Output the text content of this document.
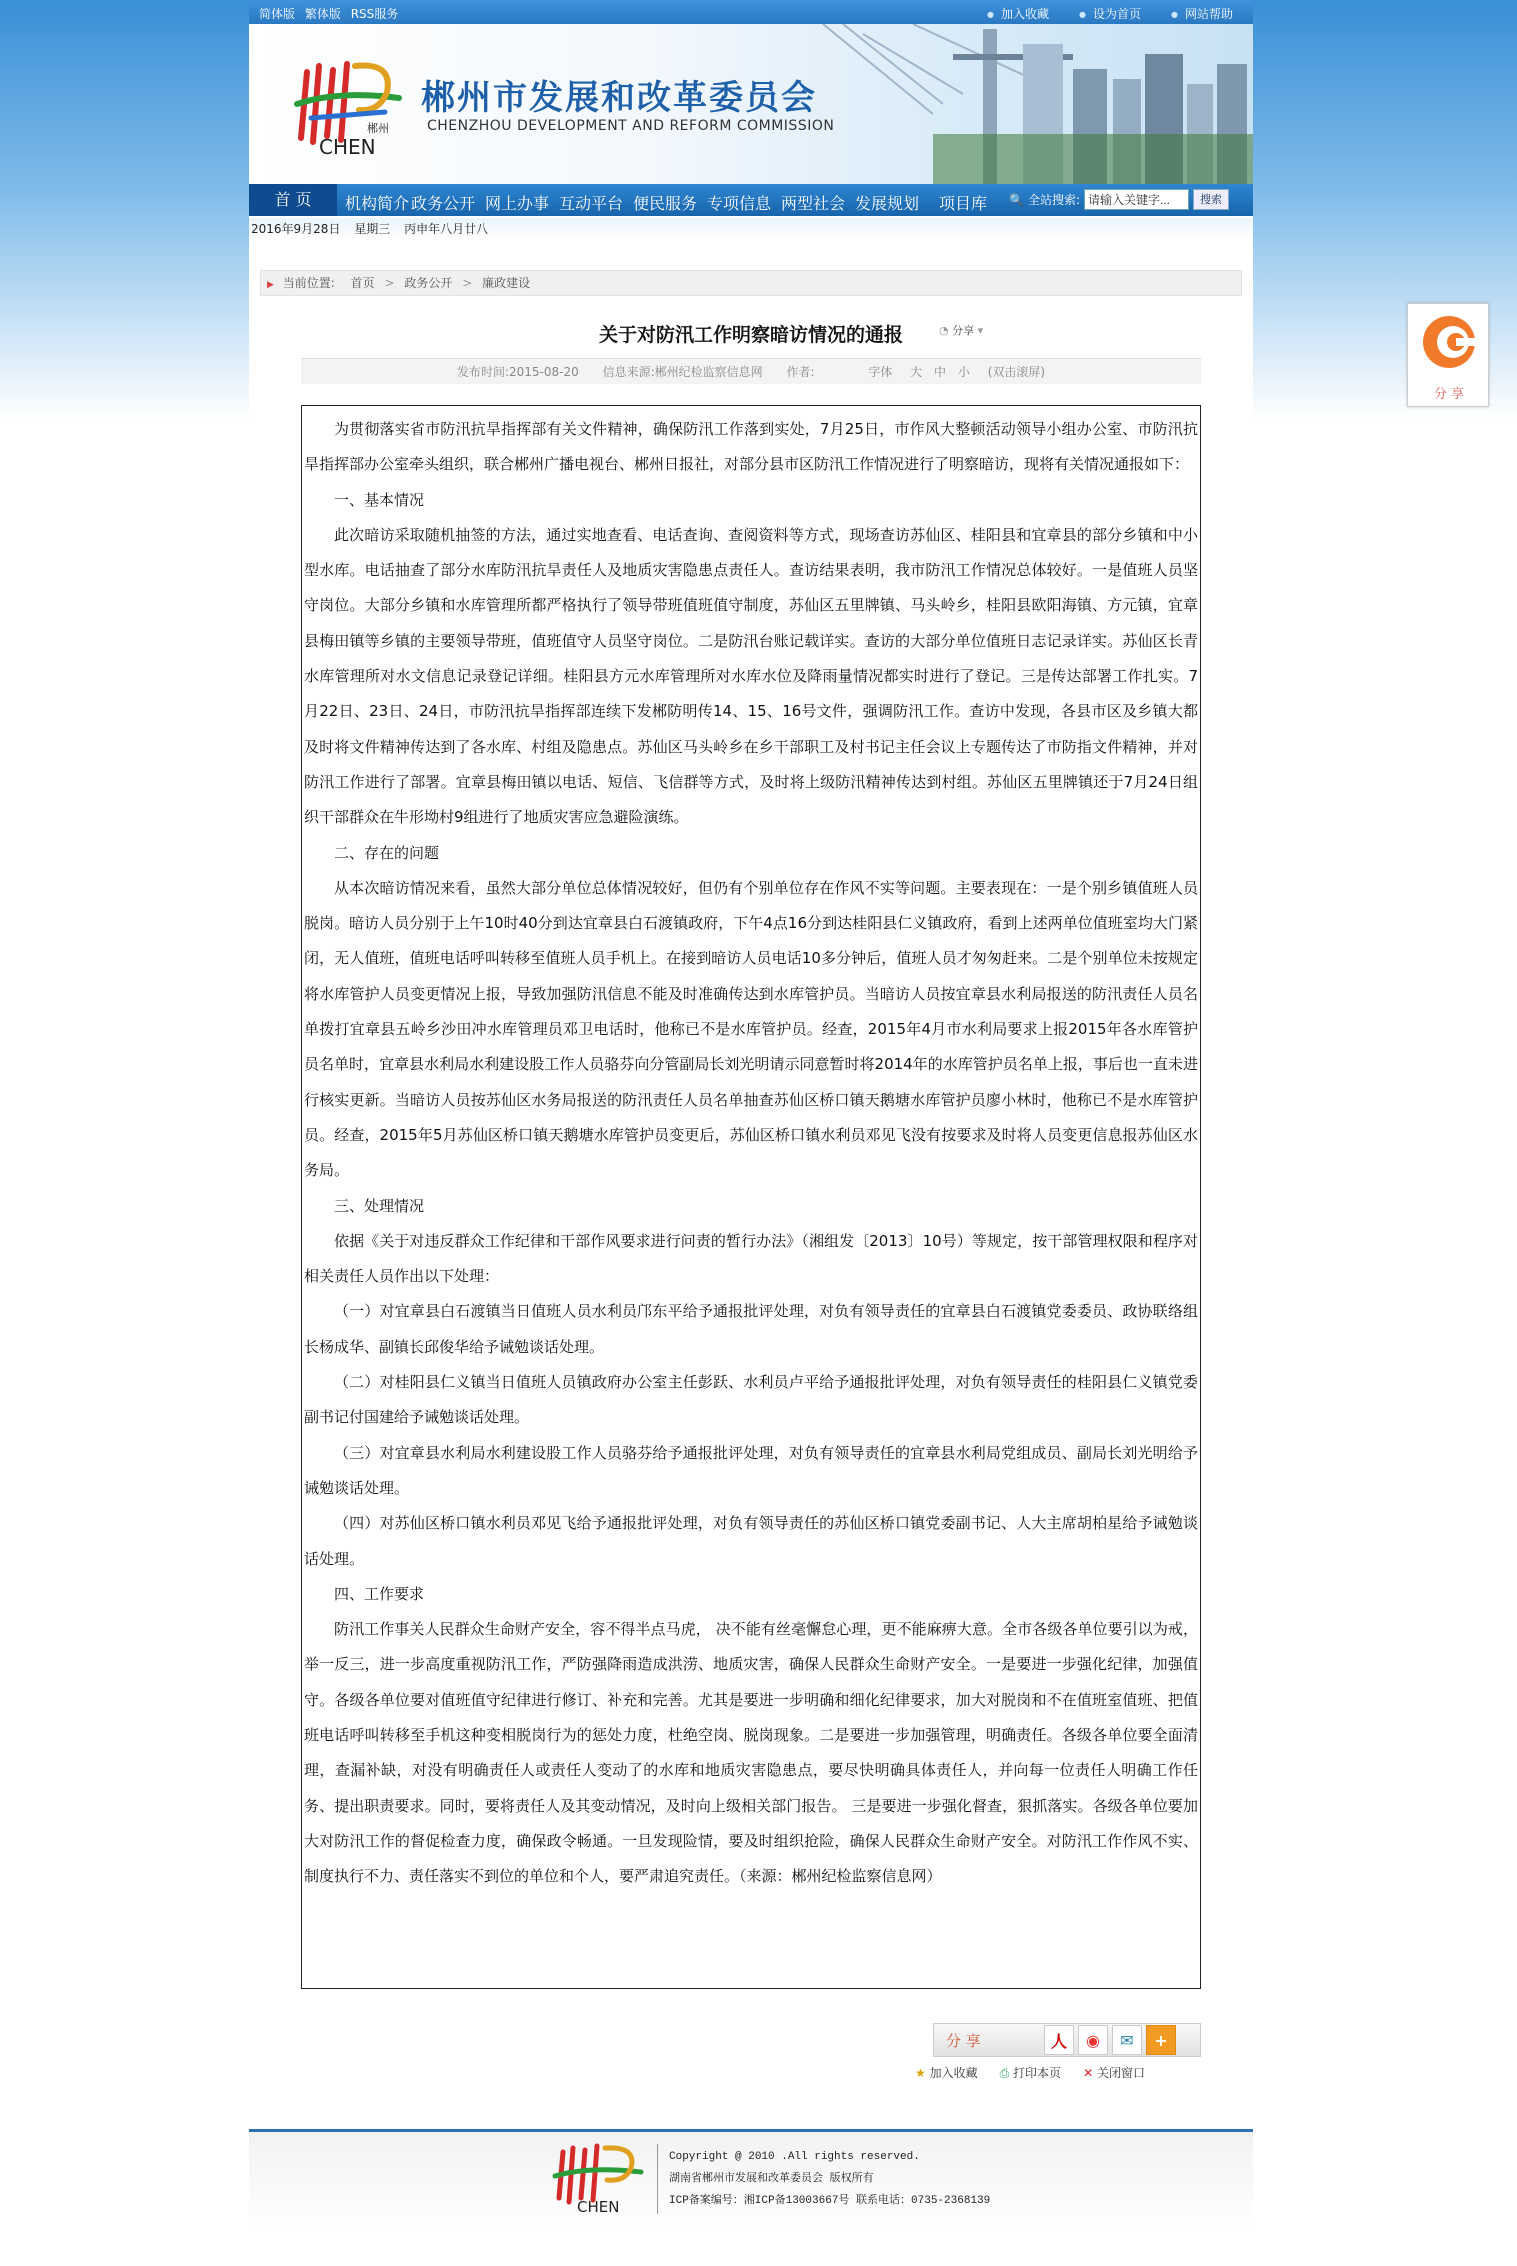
简体版 繁体版 RSS服务	● 加入收藏	● 设为首页	● 网站帮助
郴州
CHEN
郴州市发展和改革委员会
CHENZHOU DEVELOPMENT AND REFORM COMMISSION
首 页	机构简介 政务公开 网上办事 互动平台 便民服务 专项信息 两型社会 发展规划 项目库 🔍 全站搜索:
请输入关键字...	搜索
2016年9月28日 星期三 丙申年八月廿八
▶ 当前位置: 首页 > 政务公开 > 廉政建设
关于对防汛工作明察暗访情况的通报	◔ 分享 ▾
发布时间:2015-08-20 信息来源:郴州纪检监察信息网 作者:	字体 大 中 小 (双击滚屏)

为贯彻落实省市防汛抗旱指挥部有关文件精神，确保防汛工作落到实处，7月25日，市作风大整顿活动领导小组办公室、市防汛抗旱指挥部办公室牵头组织，联合郴州广播电视台、郴州日报社，对部分县市区防汛工作情况进行了明察暗访，现将有关情况通报如下：

一、基本情况

此次暗访采取随机抽签的方法，通过实地查看、电话查询、查阅资料等方式，现场查访苏仙区、桂阳县和宜章县的部分乡镇和中小型水库。电话抽查了部分水库防汛抗旱责任人及地质灾害隐患点责任人。查访结果表明，我市防汛工作情况总体较好。一是值班人员坚守岗位。大部分乡镇和水库管理所都严格执行了领导带班值班值守制度，苏仙区五里牌镇、马头岭乡，桂阳县欧阳海镇、方元镇，宜章县梅田镇等乡镇的主要领导带班，值班值守人员坚守岗位。二是防汛台账记载详实。查访的大部分单位值班日志记录详实。苏仙区长青水库管理所对水文信息记录登记详细。桂阳县方元水库管理所对水库水位及降雨量情况都实时进行了登记。三是传达部署工作扎实。7月22日、23日、24日，市防汛抗旱指挥部连续下发郴防明传14、15、16号文件，强调防汛工作。查访中发现，各县市区及乡镇大都及时将文件精神传达到了各水库、村组及隐患点。苏仙区马头岭乡在乡干部职工及村书记主任会议上专题传达了市防指文件精神，并对防汛工作进行了部署。宜章县梅田镇以电话、短信、飞信群等方式，及时将上级防汛精神传达到村组。苏仙区五里牌镇还于7月24日组织干部群众在牛形坳村9组进行了地质灾害应急避险演练。

二、存在的问题

从本次暗访情况来看，虽然大部分单位总体情况较好，但仍有个别单位存在作风不实等问题。主要表现在：一是个别乡镇值班人员脱岗。暗访人员分别于上午10时40分到达宜章县白石渡镇政府，下午4点16分到达桂阳县仁义镇政府，看到上述两单位值班室均大门紧闭，无人值班，值班电话呼叫转移至值班人员手机上。在接到暗访人员电话10多分钟后，值班人员才匆匆赶来。二是个别单位未按规定将水库管护人员变更情况上报，导致加强防汛信息不能及时准确传达到水库管护员。当暗访人员按宜章县水利局报送的防汛责任人员名单拨打宜章县五岭乡沙田冲水库管理员邓卫电话时，他称已不是水库管护员。经查，2015年4月市水利局要求上报2015年各水库管护员名单时，宜章县水利局水利建设股工作人员骆芬向分管副局长刘光明请示同意暂时将2014年的水库管护员名单上报，事后也一直未进行核实更新。当暗访人员按苏仙区水务局报送的防汛责任人员名单抽查苏仙区桥口镇天鹅塘水库管护员廖小林时，他称已不是水库管护员。经查，2015年5月苏仙区桥口镇天鹅塘水库管护员变更后，苏仙区桥口镇水利员邓见飞没有按要求及时将人员变更信息报苏仙区水务局。

三、处理情况

依据《关于对违反群众工作纪律和干部作风要求进行问责的暂行办法》（湘组发〔2013〕10号）等规定，按干部管理权限和程序对相关责任人员作出以下处理：

（一）对宜章县白石渡镇当日值班人员水利员邝东平给予通报批评处理，对负有领导责任的宜章县白石渡镇党委委员、政协联络组长杨成华、副镇长邱俊华给予诫勉谈话处理。

（二）对桂阳县仁义镇当日值班人员镇政府办公室主任彭跃、水利员卢平给予通报批评处理，对负有领导责任的桂阳县仁义镇党委副书记付国建给予诫勉谈话处理。

（三）对宜章县水利局水利建设股工作人员骆芬给予通报批评处理，对负有领导责任的宜章县水利局党组成员、副局长刘光明给予诫勉谈话处理。

（四）对苏仙区桥口镇水利员邓见飞给予通报批评处理，对负有领导责任的苏仙区桥口镇党委副书记、人大主席胡柏星给予诫勉谈话处理。

四、工作要求

防汛工作事关人民群众生命财产安全，容不得半点马虎， 决不能有丝毫懈怠心理，更不能麻痹大意。全市各级各单位要引以为戒，举一反三，进一步高度重视防汛工作，严防强降雨造成洪涝、地质灾害，确保人民群众生命财产安全。一是要进一步强化纪律，加强值守。各级各单位要对值班值守纪律进行修订、补充和完善。尤其是要进一步明确和细化纪律要求，加大对脱岗和不在值班室值班、把值班电话呼叫转移至手机这种变相脱岗行为的惩处力度，杜绝空岗、脱岗现象。二是要进一步加强管理，明确责任。各级各单位要全面清理，查漏补缺，对没有明确责任人或责任人变动了的水库和地质灾害隐患点，要尽快明确具体责任人，并向每一位责任人明确工作任务、提出职责要求。同时，要将责任人及其变动情况，及时向上级相关部门报告。 三是要进一步强化督查，狠抓落实。各级各单位要加大对防汛工作的督促检查力度，确保政令畅通。一旦发现险情，要及时组织抢险，确保人民群众生命财产安全。对防汛工作作风不实、制度执行不力、责任落实不到位的单位和个人，要严肃追究责任。（来源：郴州纪检监察信息网）

分 享	人	◉	✉	+
★ 加入收藏 ⎙ 打印本页 ✕ 关闭窗口
CHEN
Copyright @ 2010 .All rights reserved.
湖南省郴州市发展和改革委员会 版权所有
ICP备案编号：湘ICP备13003667号 联系电话：0735-2368139
分 享
